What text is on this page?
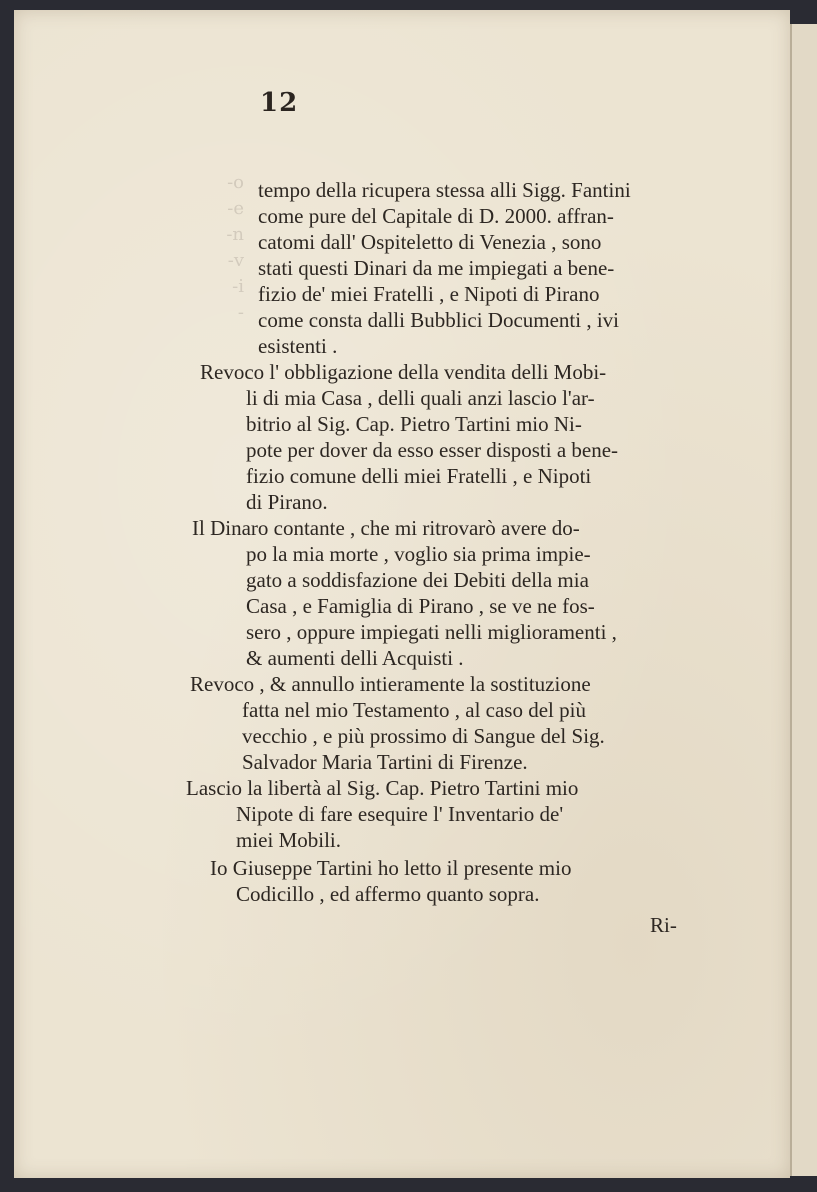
-o
-e
-n
-v
-i
-

12
tempo della ricupera stessa alli Sigg. Fantini
come pure del Capitale di D. 2000. affran-
catomi dall' Ospiteletto di Venezia , sono
stati questi Dinari da me impiegati a bene-
fizio de' miei Fratelli , e Nipoti di Pirano
come consta dalli Bubblici Documenti , ivi
esistenti .
Revoco l' obbligazione della vendita delli Mobi-
li di mia Casa , delli quali anzi lascio l'ar-
bitrio al Sig. Cap. Pietro Tartini mio Ni-
pote per dover da esso esser disposti a bene-
fizio comune delli miei Fratelli , e Nipoti
di Pirano.
Il Dinaro contante , che mi ritrovarò avere do-
po la mia morte , voglio sia prima impie-
gato a soddisfazione dei Debiti della mia
Casa , e Famiglia di Pirano , se ve ne fos-
sero , oppure impiegati nelli miglioramenti ,
& aumenti delli Acquisti .
Revoco , & annullo intieramente la sostituzione
fatta nel mio Testamento , al caso del più
vecchio , e più prossimo di Sangue del Sig.
Salvador Maria Tartini di Firenze.
Lascio la libertà al Sig. Cap. Pietro Tartini mio
Nipote di fare esequire l' Inventario de'
miei Mobili.
Io Giuseppe Tartini ho letto il presente mio
Codicillo , ed affermo quanto sopra.
Ri-
